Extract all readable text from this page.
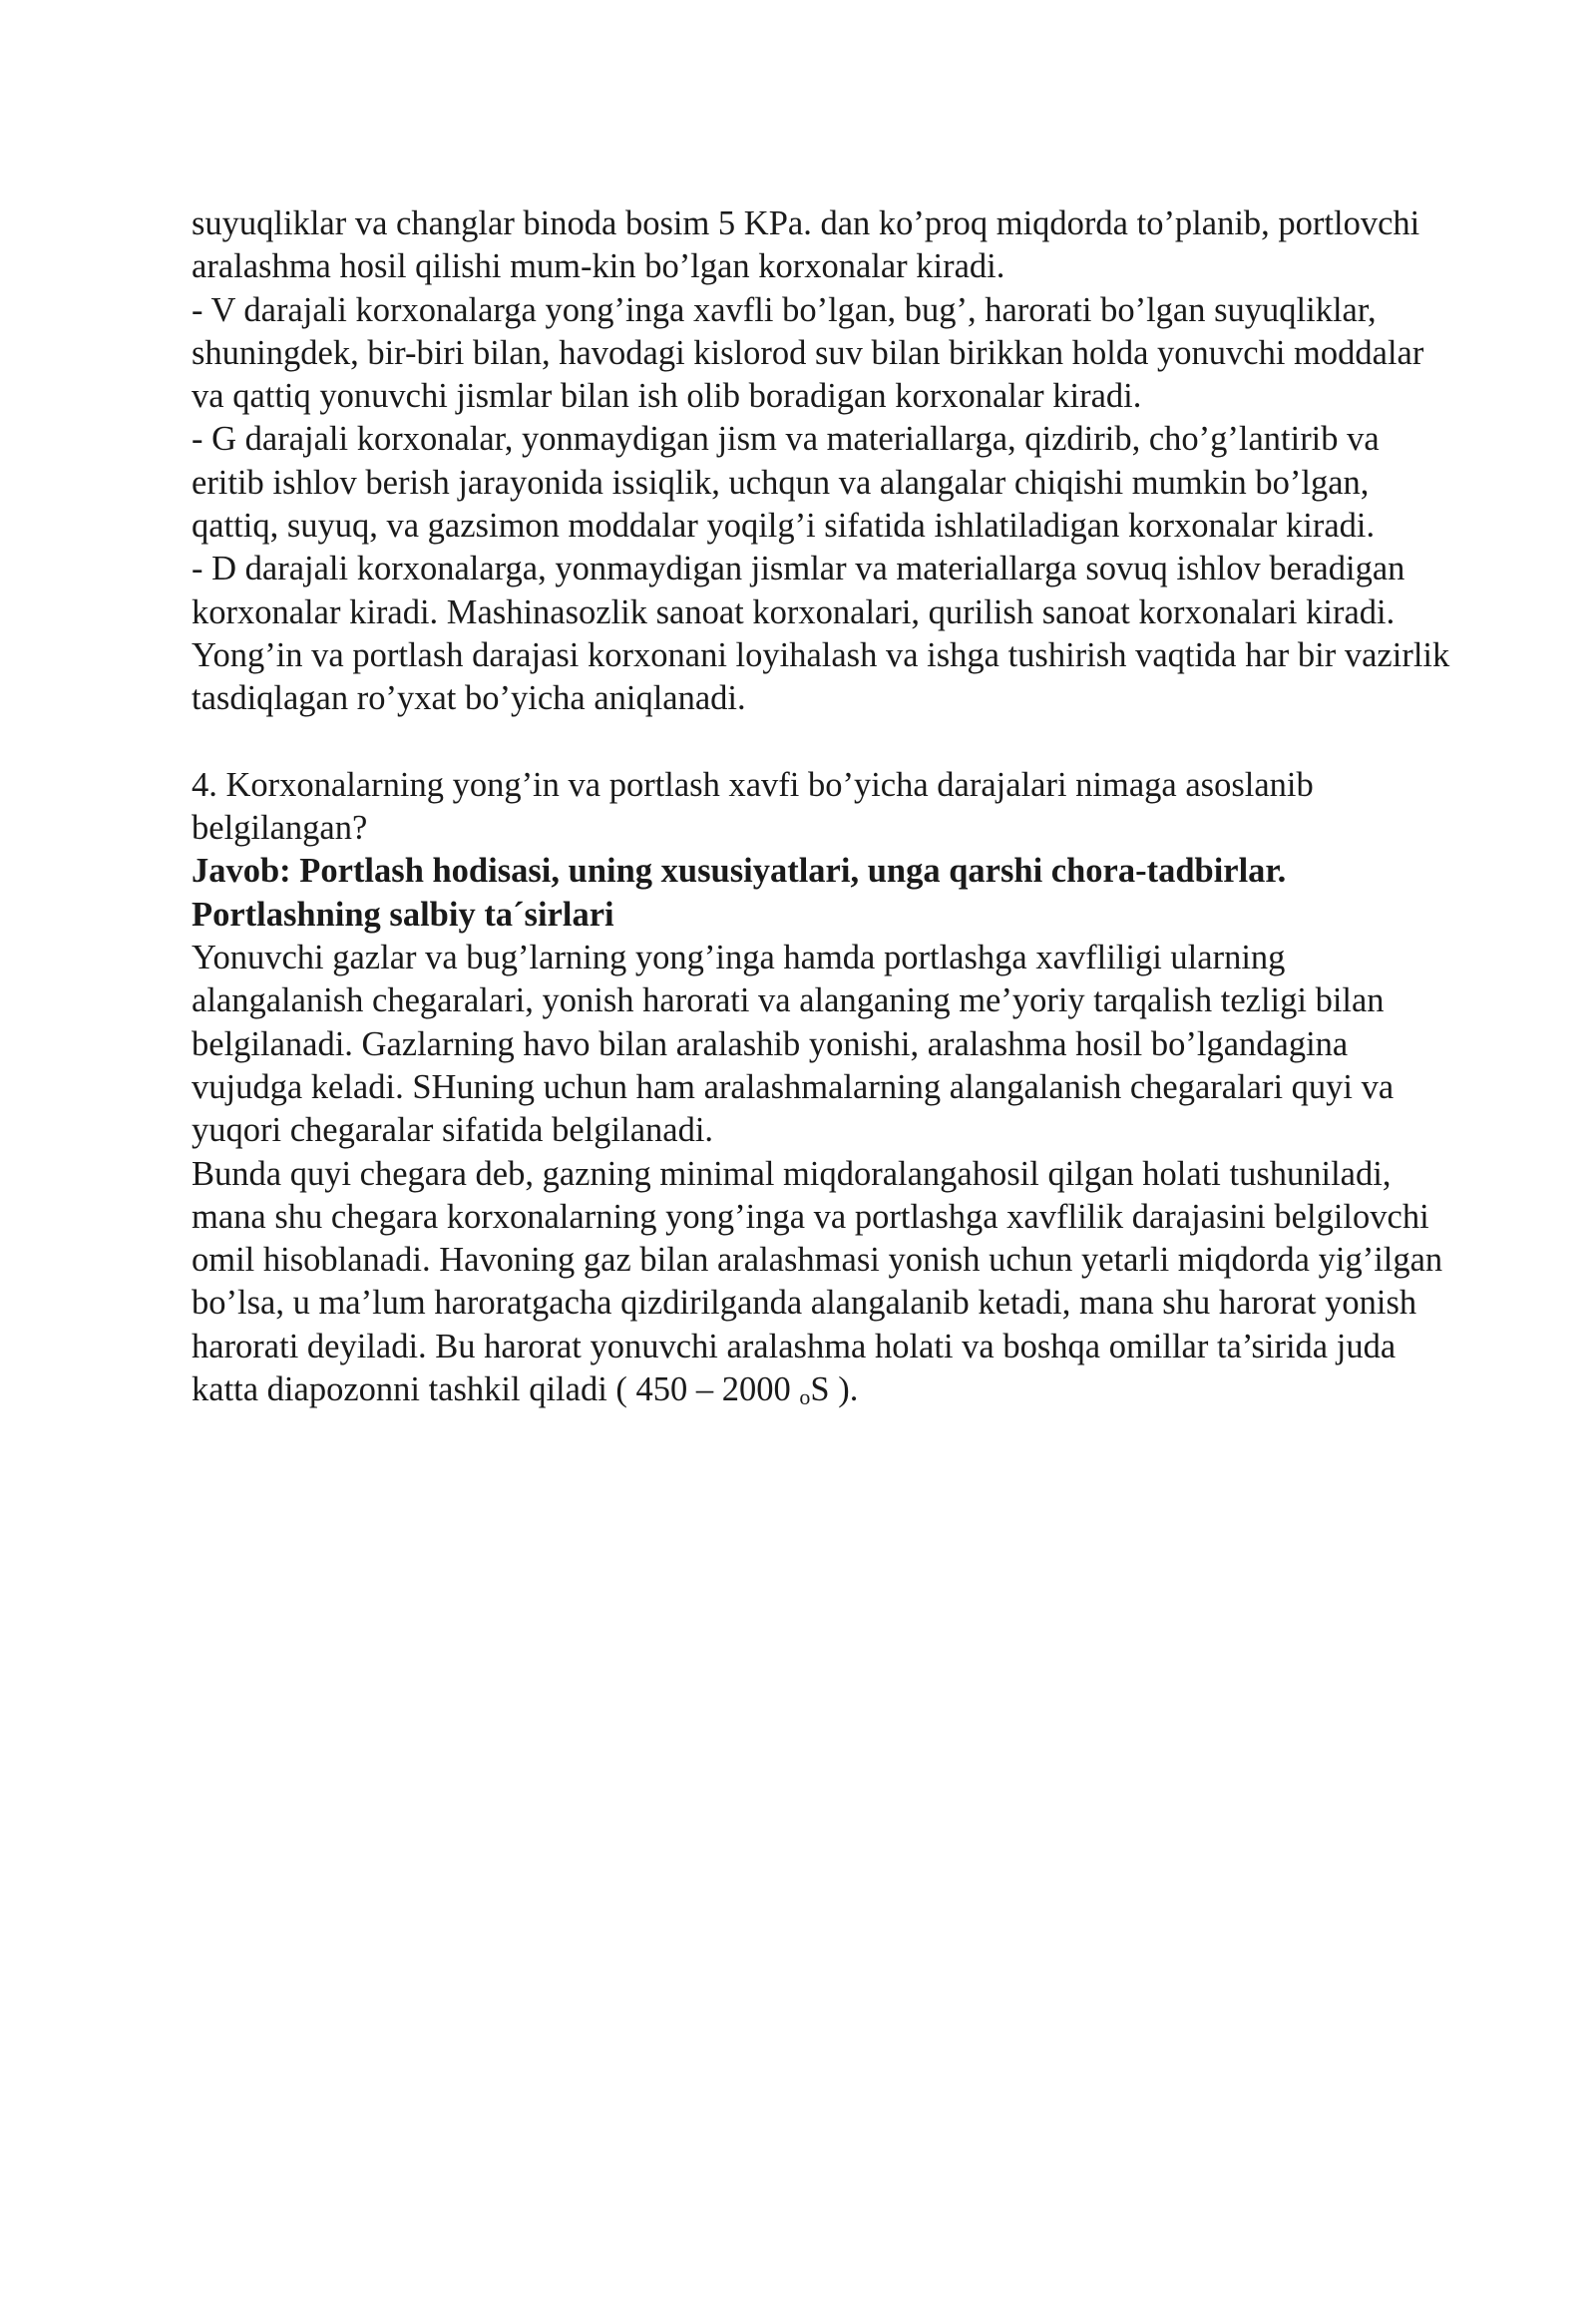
suyuqliklar va changlar binoda bosim 5 KPa. dan ko’proq miqdorda to’planib, portlovchi
aralashma hosil qilishi mum-kin bo’lgan korxonalar kiradi.
- V darajali korxonalarga yong’inga xavfli bo’lgan, bug’, harorati bo’lgan suyuqliklar,
shuningdek, bir-biri bilan, havodagi kislorod suv bilan birikkan holda yonuvchi moddalar
va qattiq yonuvchi jismlar bilan ish olib boradigan korxonalar kiradi.
- G darajali korxonalar, yonmaydigan jism va materiallarga, qizdirib, cho’g’lantirib va
eritib ishlov berish jarayonida issiqlik, uchqun va alangalar chiqishi mumkin bo’lgan,
qattiq, suyuq, va gazsimon moddalar yoqilg’i sifatida ishlatiladigan korxonalar kiradi.
- D darajali korxonalarga, yonmaydigan jismlar va materiallarga sovuq ishlov beradigan
korxonalar kiradi. Mashinasozlik sanoat korxonalari, qurilish sanoat korxonalari kiradi.
Yong’in va portlash darajasi korxonani loyihalash va ishga tushirish vaqtida har bir vazirlik
tasdiqlagan ro’yxat bo’yicha aniqlanadi.
4. Korxonalarning yong’in va portlash xavfi bo’yicha darajalari nimaga asoslanib
belgilangan?
Javob: Portlash hodisasi, uning xususiyatlari, unga qarshi chora-tadbirlar.
Portlashning salbiy ta´sirlari
Yonuvchi gazlar va bug’larning yong’inga hamda portlashga xavfliligi ularning
alangalanish chegaralari, yonish harorati va alanganing me’yoriy tarqalish tezligi bilan
belgilanadi. Gazlarning havo bilan aralashib yonishi, aralashma hosil bo’lgandagina
vujudga keladi. SHuning uchun ham aralashmalarning alangalanish chegaralari quyi va
yuqori chegaralar sifatida belgilanadi.
Bunda quyi chegara deb, gazning minimal miqdoralangahosil qilgan holati tushuniladi,
mana shu chegara korxonalarning yong’inga va portlashga xavflilik darajasini belgilovchi
omil hisoblanadi. Havoning gaz bilan aralashmasi yonish uchun yetarli miqdorda yig’ilgan
bo’lsa, u ma’lum haroratgacha qizdirilganda alangalanib ketadi, mana shu harorat yonish
harorati deyiladi. Bu harorat yonuvchi aralashma holati va boshqa omillar ta’sirida juda
katta diapozonni tashkil qiladi ( 450 – 2000 oS ).
